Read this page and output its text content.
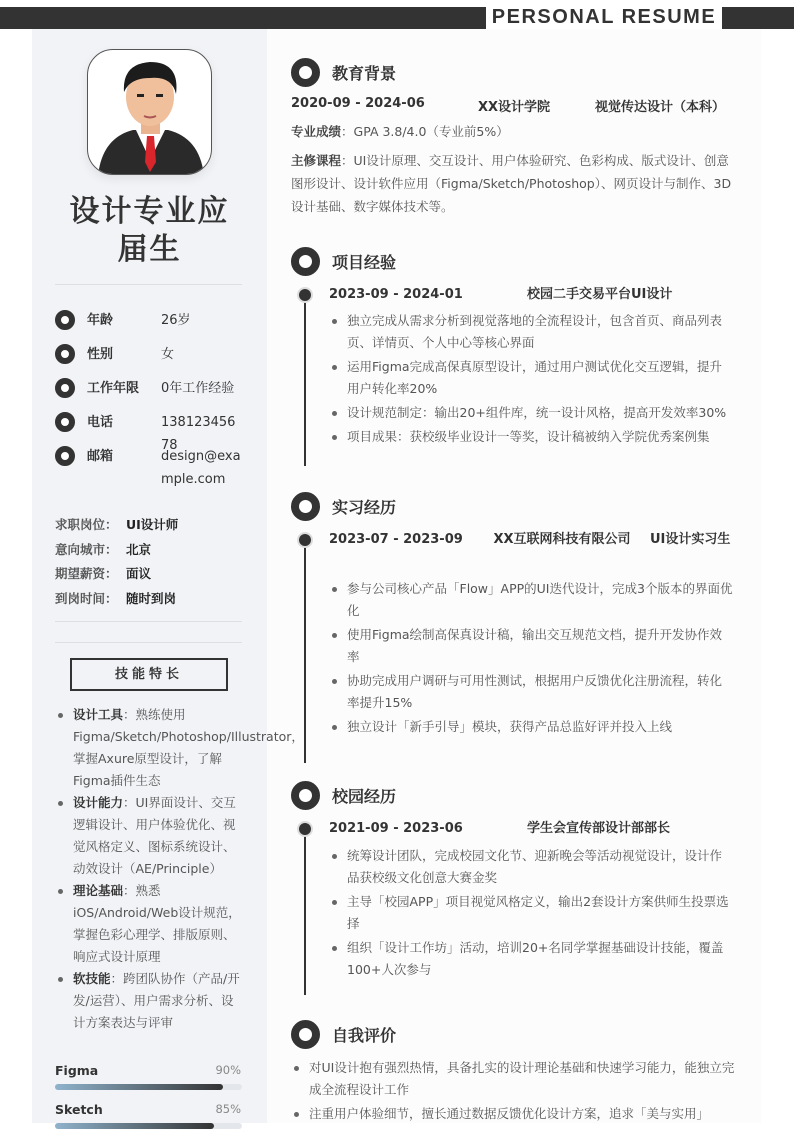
PERSONAL RESUME
设计专业应
届生
年龄	26岁
性别	女
工作年限	0年工作经验
电话	13812345678
邮箱	design@example.com
求职岗位： UI设计师
意向城市： 北京
期望薪资： 面议
到岗时间： 随时到岗
技能特长
设计工具：熟练使用Figma/Sketch/Photoshop/Illustrator，掌握Axure原型设计，了解Figma插件生态
设计能力：UI界面设计、交互逻辑设计、用户体验优化、视觉风格定义、图标系统设计、动效设计（AE/Principle）
理论基础：熟悉iOS/Android/Web设计规范，掌握色彩心理学、排版原则、响应式设计原理
软技能：跨团队协作（产品/开发/运营）、用户需求分析、设计方案表达与评审
Figma	90%
Sketch	85%
教育背景
2020-09 - 2024-06	XX设计学院	视觉传达设计（本科）
专业成绩：GPA 3.8/4.0（专业前5%）
主修课程：UI设计原理、交互设计、用户体验研究、色彩构成、版式设计、创意图形设计、设计软件应用（Figma/Sketch/Photoshop）、网页设计与制作、3D设计基础、数字媒体技术等。
项目经验
2023-09 - 2024-01	校园二手交易平台UI设计
独立完成从需求分析到视觉落地的全流程设计，包含首页、商品列表页、详情页、个人中心等核心界面
运用Figma完成高保真原型设计，通过用户测试优化交互逻辑，提升用户转化率20%
设计规范制定：输出20+组件库，统一设计风格，提高开发效率30%
项目成果：获校级毕业设计一等奖，设计稿被纳入学院优秀案例集
实习经历
2023-07 - 2023-09 XX互联网科技有限公司 UI设计实习生
参与公司核心产品「Flow」APP的UI迭代设计，完成3个版本的界面优化
使用Figma绘制高保真设计稿，输出交互规范文档，提升开发协作效率
协助完成用户调研与可用性测试，根据用户反馈优化注册流程，转化率提升15%
独立设计「新手引导」模块，获得产品总监好评并投入上线
校园经历
2021-09 - 2023-06	学生会宣传部设计部部长
统筹设计团队，完成校园文化节、迎新晚会等活动视觉设计，设计作品获校级文化创意大赛金奖
主导「校园APP」项目视觉风格定义，输出2套设计方案供师生投票选择
组织「设计工作坊」活动，培训20+名同学掌握基础设计技能，覆盖100+人次参与
自我评价
对UI设计抱有强烈热情，具备扎实的设计理论基础和快速学习能力，能独立完成全流程设计工作
注重用户体验细节，擅长通过数据反馈优化设计方案，追求「美与实用」
